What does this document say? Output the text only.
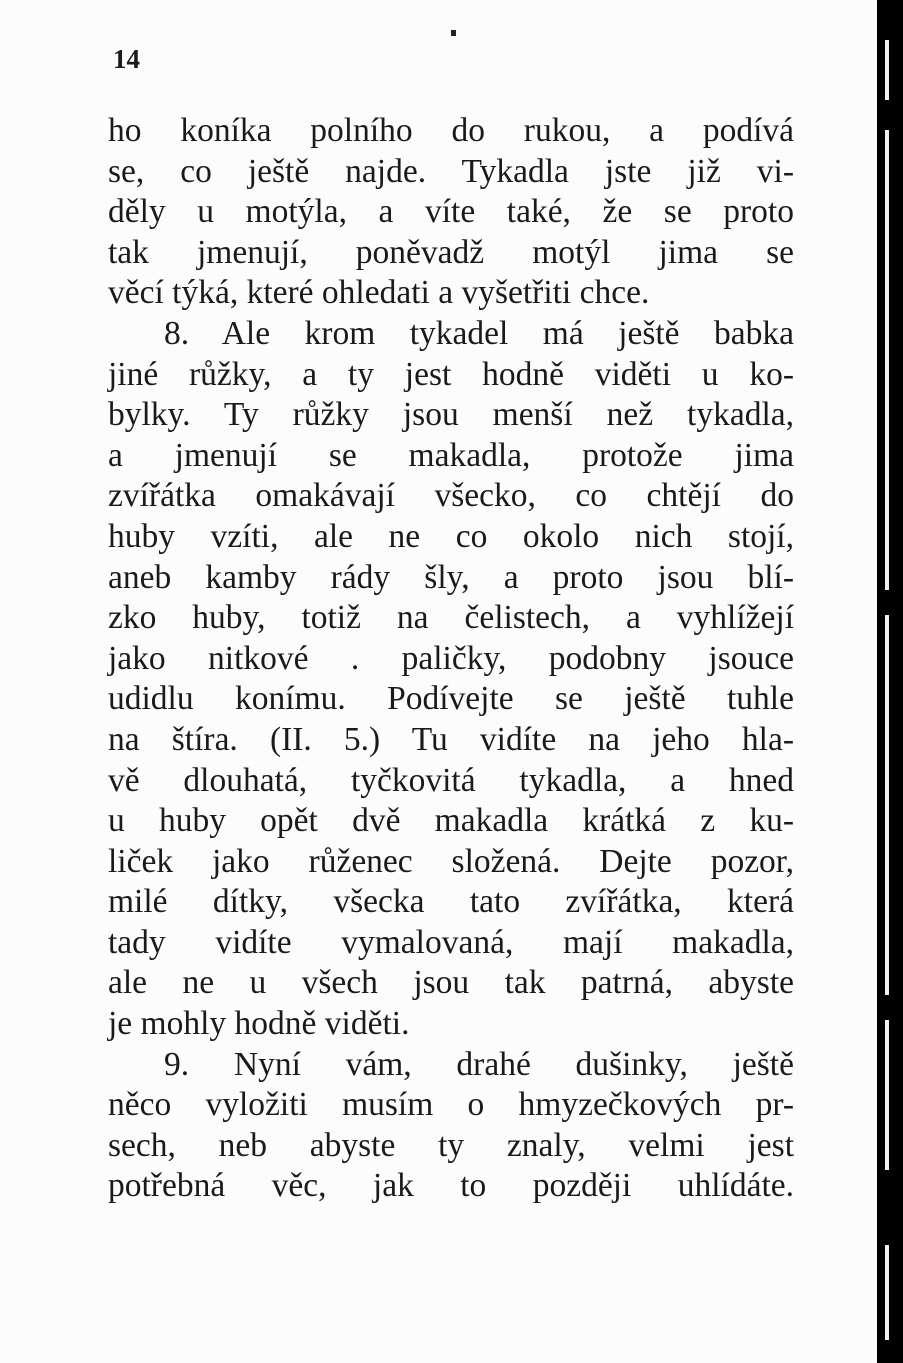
14
ho koníka polního do rukou, a podívá
se, co ještě najde. Tykadla jste již vi-
děly u motýla, a víte také, že se proto
tak jmenují, poněvadž motýl jima se
věcí týká, které ohledati a vyšetřiti chce.
8. Ale krom tykadel má ještě babka
jiné růžky, a ty jest hodně viděti u ko-
bylky. Ty růžky jsou menší než tykadla,
a jmenují se makadla, protože jima
zvířátka omakávají všecko, co chtějí do
huby vzíti, ale ne co okolo nich stojí,
aneb kamby rády šly, a proto jsou blí-
zko huby, totiž na čelistech, a vyhlížejí
jako nitkové . paličky, podobny jsouce
udidlu konímu. Podívejte se ještě tuhle
na štíra. (II. 5.) Tu vidíte na jeho hla-
vě dlouhatá, tyčkovitá tykadla, a hned
u huby opět dvě makadla krátká z ku-
liček jako růženec složená. Dejte pozor,
milé dítky, všecka tato zvířátka, která
tady vidíte vymalovaná, mají makadla,
ale ne u všech jsou tak patrná, abyste
je mohly hodně viděti.
9. Nyní vám, drahé dušinky, ještě
něco vyložiti musím o hmyzečkových pr-
sech, neb abyste ty znaly, velmi jest
potřebná věc, jak to později uhlídáte.
